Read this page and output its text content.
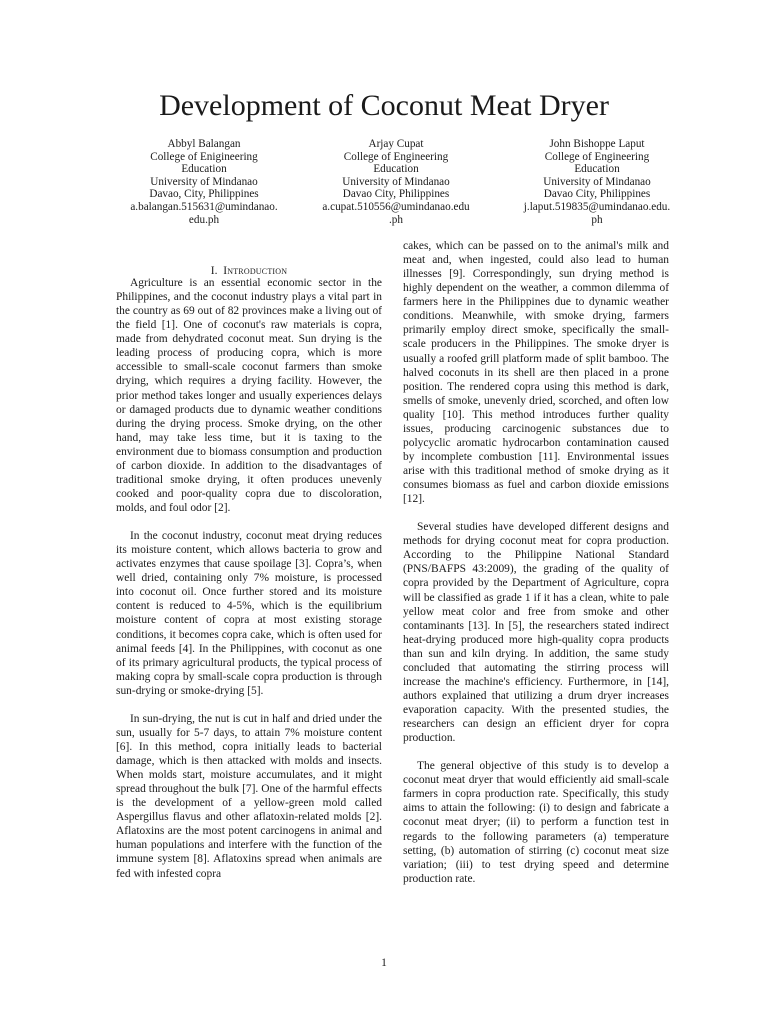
Development of Coconut Meat Dryer
Abbyl Balangan
College of Enigineering
Education
University of Mindanao
Davao, City, Philippines
a.balangan.515631@umindanao.
edu.ph
Arjay Cupat
College of Engineering
Education
University of Mindanao
Davao City, Philippines
a.cupat.510556@umindanao.edu
.ph
John Bishoppe Laput
College of Engineering
Education
University of Mindanao
Davao City, Philippines
j.laput.519835@umindanao.edu.
ph
I. Introduction

Agriculture is an essential economic sector in the Philippines, and the coconut industry plays a vital part in the country as 69 out of 82 provinces make a living out of the field [1]. One of coconut's raw materials is copra, made from dehydrated coconut meat. Sun drying is the leading process of producing copra, which is more accessible to small-scale coconut farmers than smoke drying, which requires a drying facility. However, the prior method takes longer and usually experiences delays or damaged products due to dynamic weather conditions during the drying process. Smoke drying, on the other hand, may take less time, but it is taxing to the environment due to biomass consumption and production of carbon dioxide. In addition to the disadvantages of traditional smoke drying, it often produces unevenly cooked and poor-quality copra due to discoloration, molds, and foul odor [2].

In the coconut industry, coconut meat drying reduces its moisture content, which allows bacteria to grow and activates enzymes that cause spoilage [3]. Copra’s, when well dried, containing only 7% moisture, is processed into coconut oil. Once further stored and its moisture content is reduced to 4-5%, which is the equilibrium moisture content of copra at most existing storage conditions, it becomes copra cake, which is often used for animal feeds [4]. In the Philippines, with coconut as one of its primary agricultural products, the typical process of making copra by small-scale copra production is through sun-drying or smoke-drying [5].

In sun-drying, the nut is cut in half and dried under the sun, usually for 5-7 days, to attain 7% moisture content [6]. In this method, copra initially leads to bacterial damage, which is then attacked with molds and insects. When molds start, moisture accumulates, and it might spread throughout the bulk [7]. One of the harmful effects is the development of a yellow-green mold called Aspergillus flavus and other aflatoxin-related molds [2]. Aflatoxins are the most potent carcinogens in animal and human populations and interfere with the function of the immune system [8]. Aflatoxins spread when animals are fed with infested copra

cakes, which can be passed on to the animal's milk and meat and, when ingested, could also lead to human illnesses [9]. Correspondingly, sun drying method is highly dependent on the weather, a common dilemma of farmers here in the Philippines due to dynamic weather conditions. Meanwhile, with smoke drying, farmers primarily employ direct smoke, specifically the small-scale producers in the Philippines. The smoke dryer is usually a roofed grill platform made of split bamboo. The halved coconuts in its shell are then placed in a prone position. The rendered copra using this method is dark, smells of smoke, unevenly dried, scorched, and often low quality [10]. This method introduces further quality issues, producing carcinogenic substances due to polycyclic aromatic hydrocarbon contamination caused by incomplete combustion [11]. Environmental issues arise with this traditional method of smoke drying as it consumes biomass as fuel and carbon dioxide emissions [12].

Several studies have developed different designs and methods for drying coconut meat for copra production. According to the Philippine National Standard (PNS/BAFPS 43:2009), the grading of the quality of copra provided by the Department of Agriculture, copra will be classified as grade 1 if it has a clean, white to pale yellow meat color and free from smoke and other contaminants [13]. In [5], the researchers stated indirect heat-drying produced more high-quality copra products than sun and kiln drying. In addition, the same study concluded that automating the stirring process will increase the machine's efficiency. Furthermore, in [14], authors explained that utilizing a drum dryer increases evaporation capacity. With the presented studies, the researchers can design an efficient dryer for copra production.

The general objective of this study is to develop a coconut meat dryer that would efficiently aid small-scale farmers in copra production rate. Specifically, this study aims to attain the following: (i) to design and fabricate a coconut meat dryer; (ii) to perform a function test in regards to the following parameters (a) temperature setting, (b) automation of stirring (c) coconut meat size variation; (iii) to test drying speed and determine production rate.

1
